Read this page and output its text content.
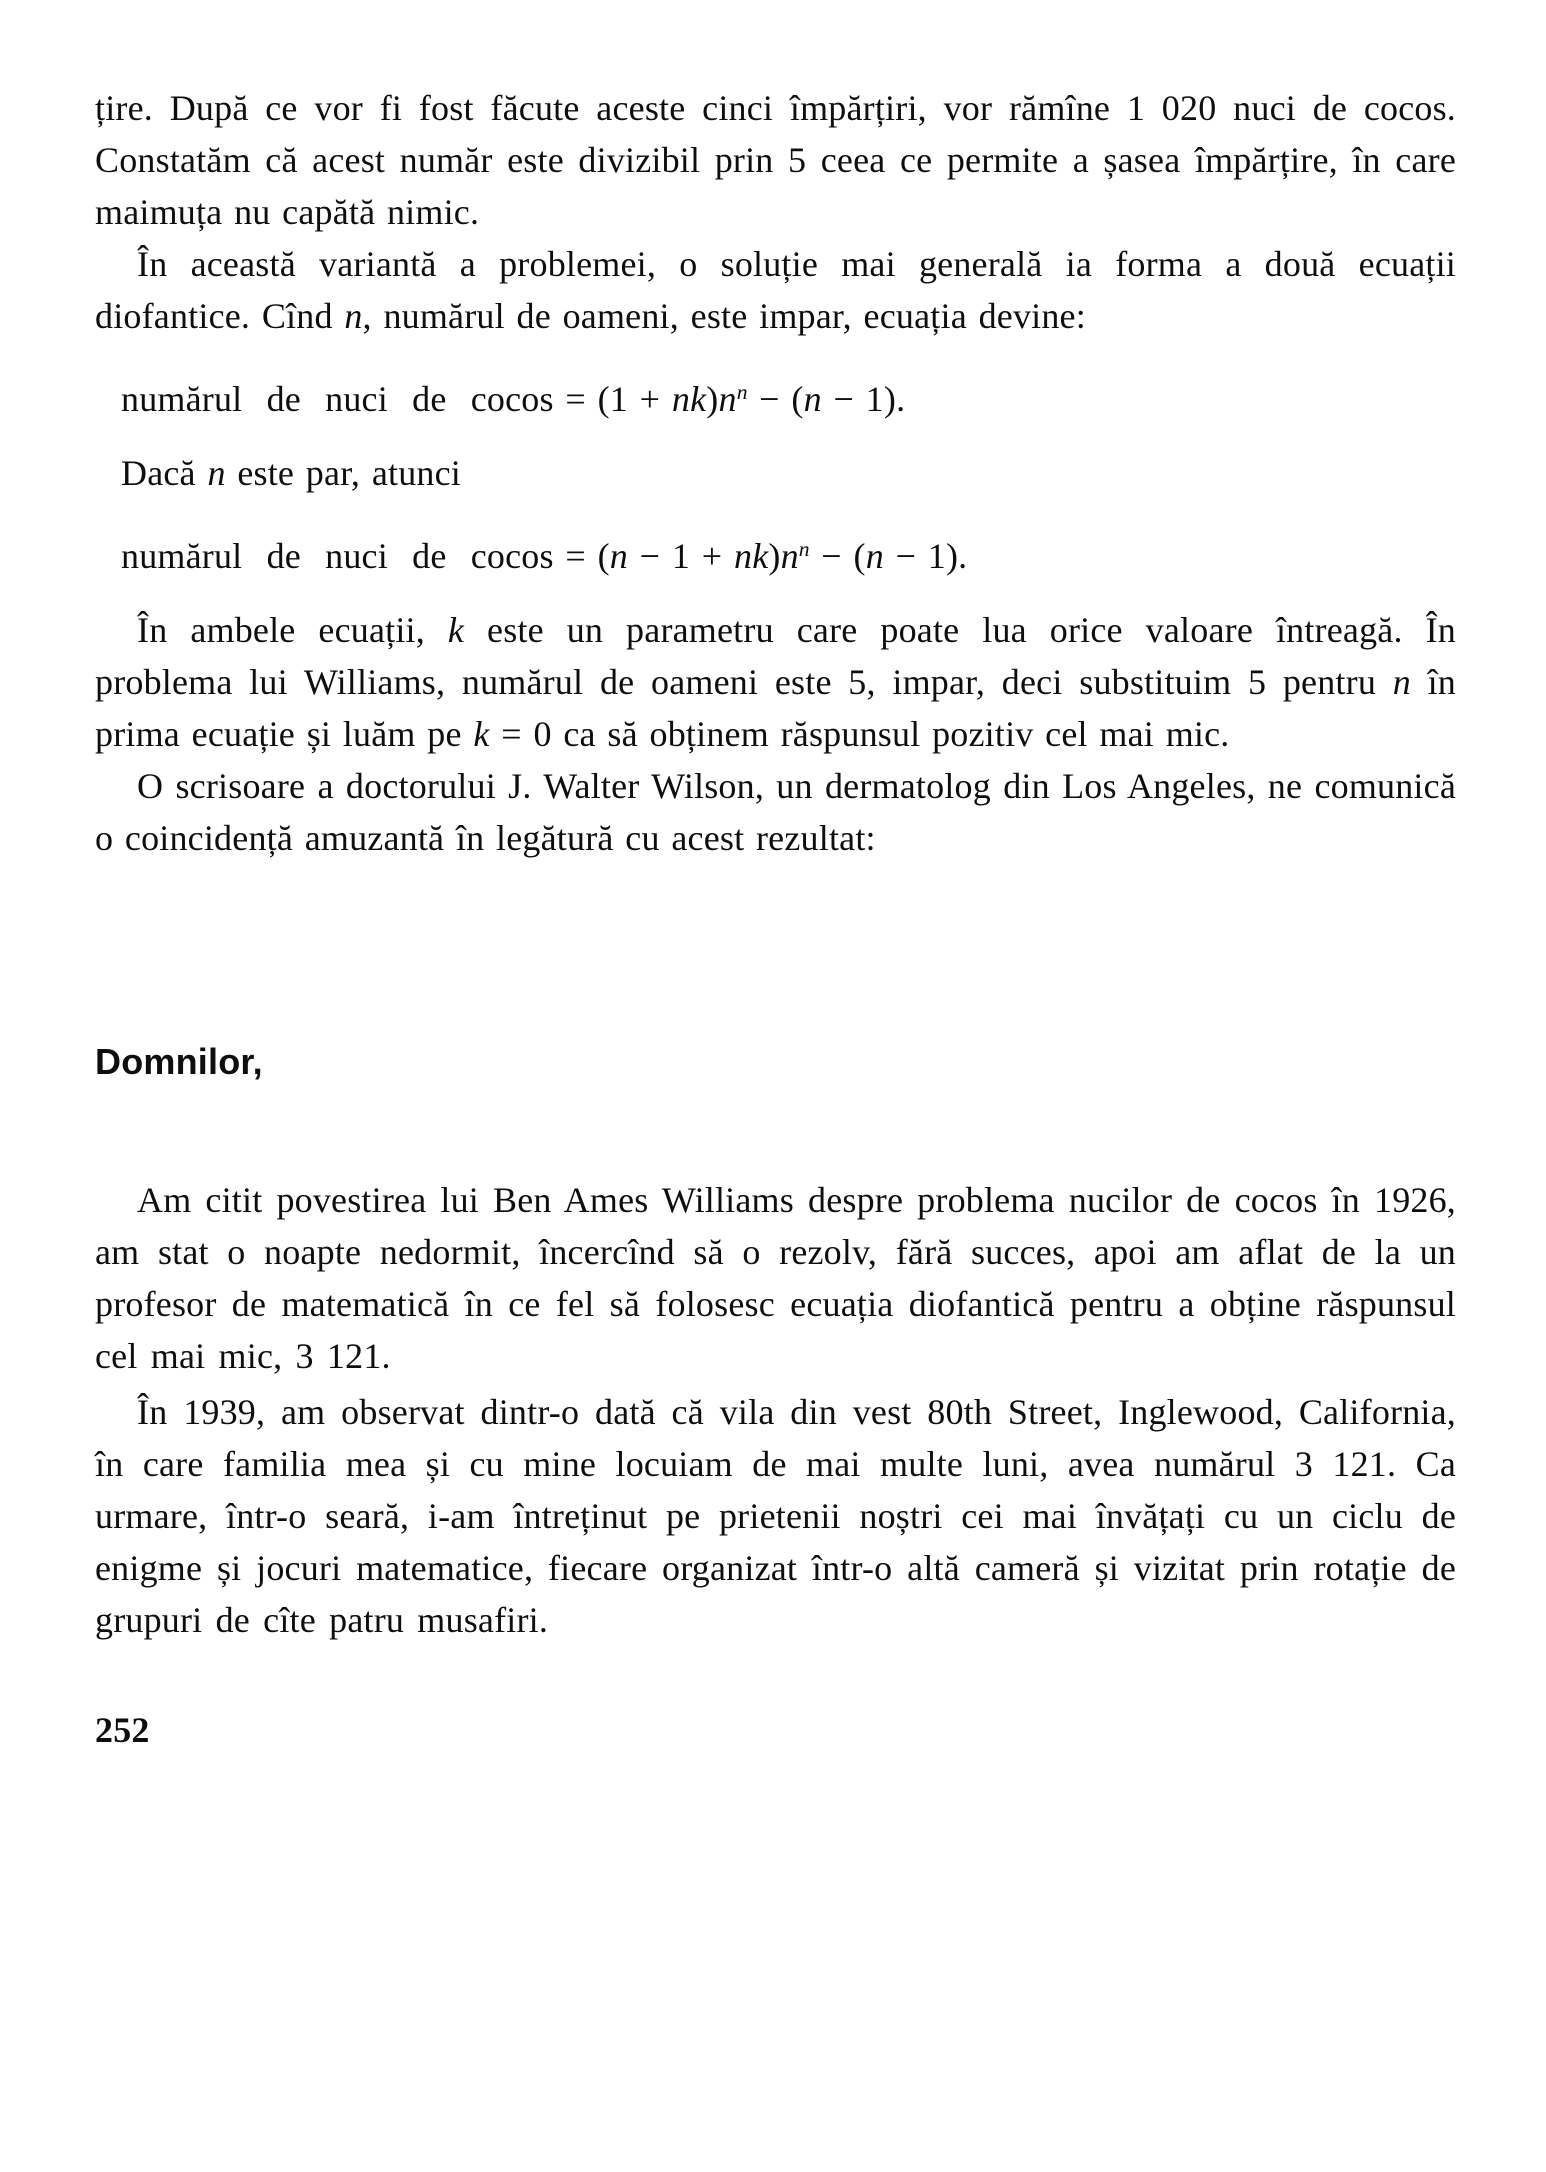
țire. După ce vor fi fost făcute aceste cinci împărțiri, vor rămîne 1 020 nuci de cocos. Constatăm că acest număr este divizibil prin 5 ceea ce permite a șasea împărțire, în care maimuța nu capătă nimic.

În această variantă a problemei, o soluție mai generală ia forma a două ecuații diofantice. Cînd n, numărul de oameni, este impar, ecuația devine:

numărul de nuci de $cocos = (1 + nk)n^n - (n - 1)$.

Dacă n este par, atunci

numărul de nuci de $cocos = (n - 1 + nk)n^n - (n - 1)$.

În ambele ecuații, k este un parametru care poate lua orice valoare întreagă. În problema lui Williams, numărul de oameni este 5, impar, deci substituim 5 pentru n în prima ecuație și luăm pe k = 0 ca să obținem răspunsul pozitiv cel mai mic.

O scrisoare a doctorului J. Walter Wilson, un dermatolog din Los Angeles, ne comunică o coincidență amuzantă în legătură cu acest rezultat:

Domnilor,

Am citit povestirea lui Ben Ames Williams despre problema nucilor de cocos în 1926, am stat o noapte nedormit, încercînd să o rezolv, fără succes, apoi am aflat de la un profesor de matematică în ce fel să folosesc ecuația diofantică pentru a obține răspunsul cel mai mic, 3 121.

În 1939, am observat dintr-o dată că vila din vest 80th Street, Inglewood, California, în care familia mea și cu mine locuiam de mai multe luni, avea numărul 3 121. Ca urmare, într-o seară, i-am întreținut pe prietenii noștri cei mai învățați cu un ciclu de enigme și jocuri matematice, fiecare organizat într-o altă cameră și vizitat prin rotație de grupuri de cîte patru musafiri.

252
